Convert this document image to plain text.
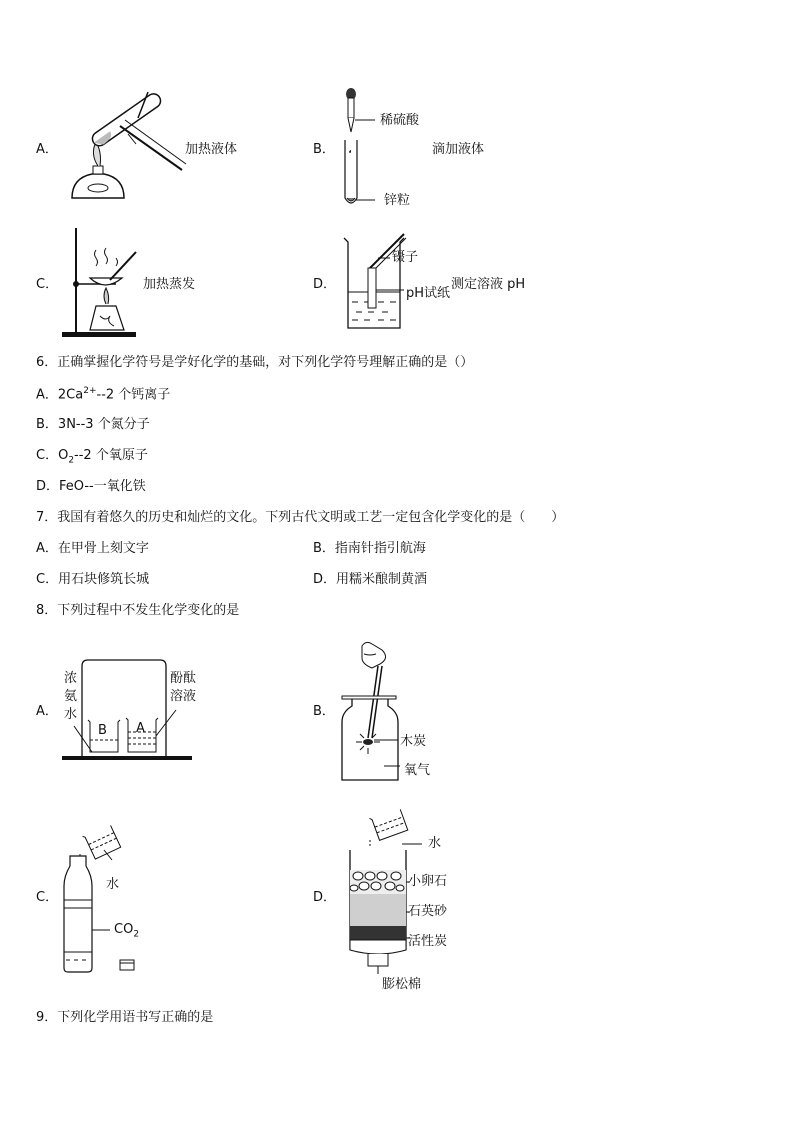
A．	加热液体	B．
稀硫酸
滴加液体
锌粒
C．	加热蒸发	D．
镊子
pH试纸
测定溶液 pH
6．正确掌握化学符号是学好化学的基础，对下列化学符号理解正确的是（）
A．$2Ca^{2+}--2$ 个钙离子
B．3N--3 个氮分子
C．$O_2--2$ 个氧原子
D．FeO--一氧化铁
7．我国有着悠久的历史和灿烂的文化。下列古代文明或工艺一定包含化学变化的是（　　）
A．在甲骨上刻文字	B．指南针指引航海
C．用石块修筑长城	D．用糯米酿制黄酒
8．下列过程中不发生化学变化的是
A．
B A
浓
氨
水
酚酞
溶液
B．
木炭
氧气
C．
水
$CO_2$
D．
水
小卵石
石英砂
活性炭
膨松棉
9．下列化学用语书写正确的是
